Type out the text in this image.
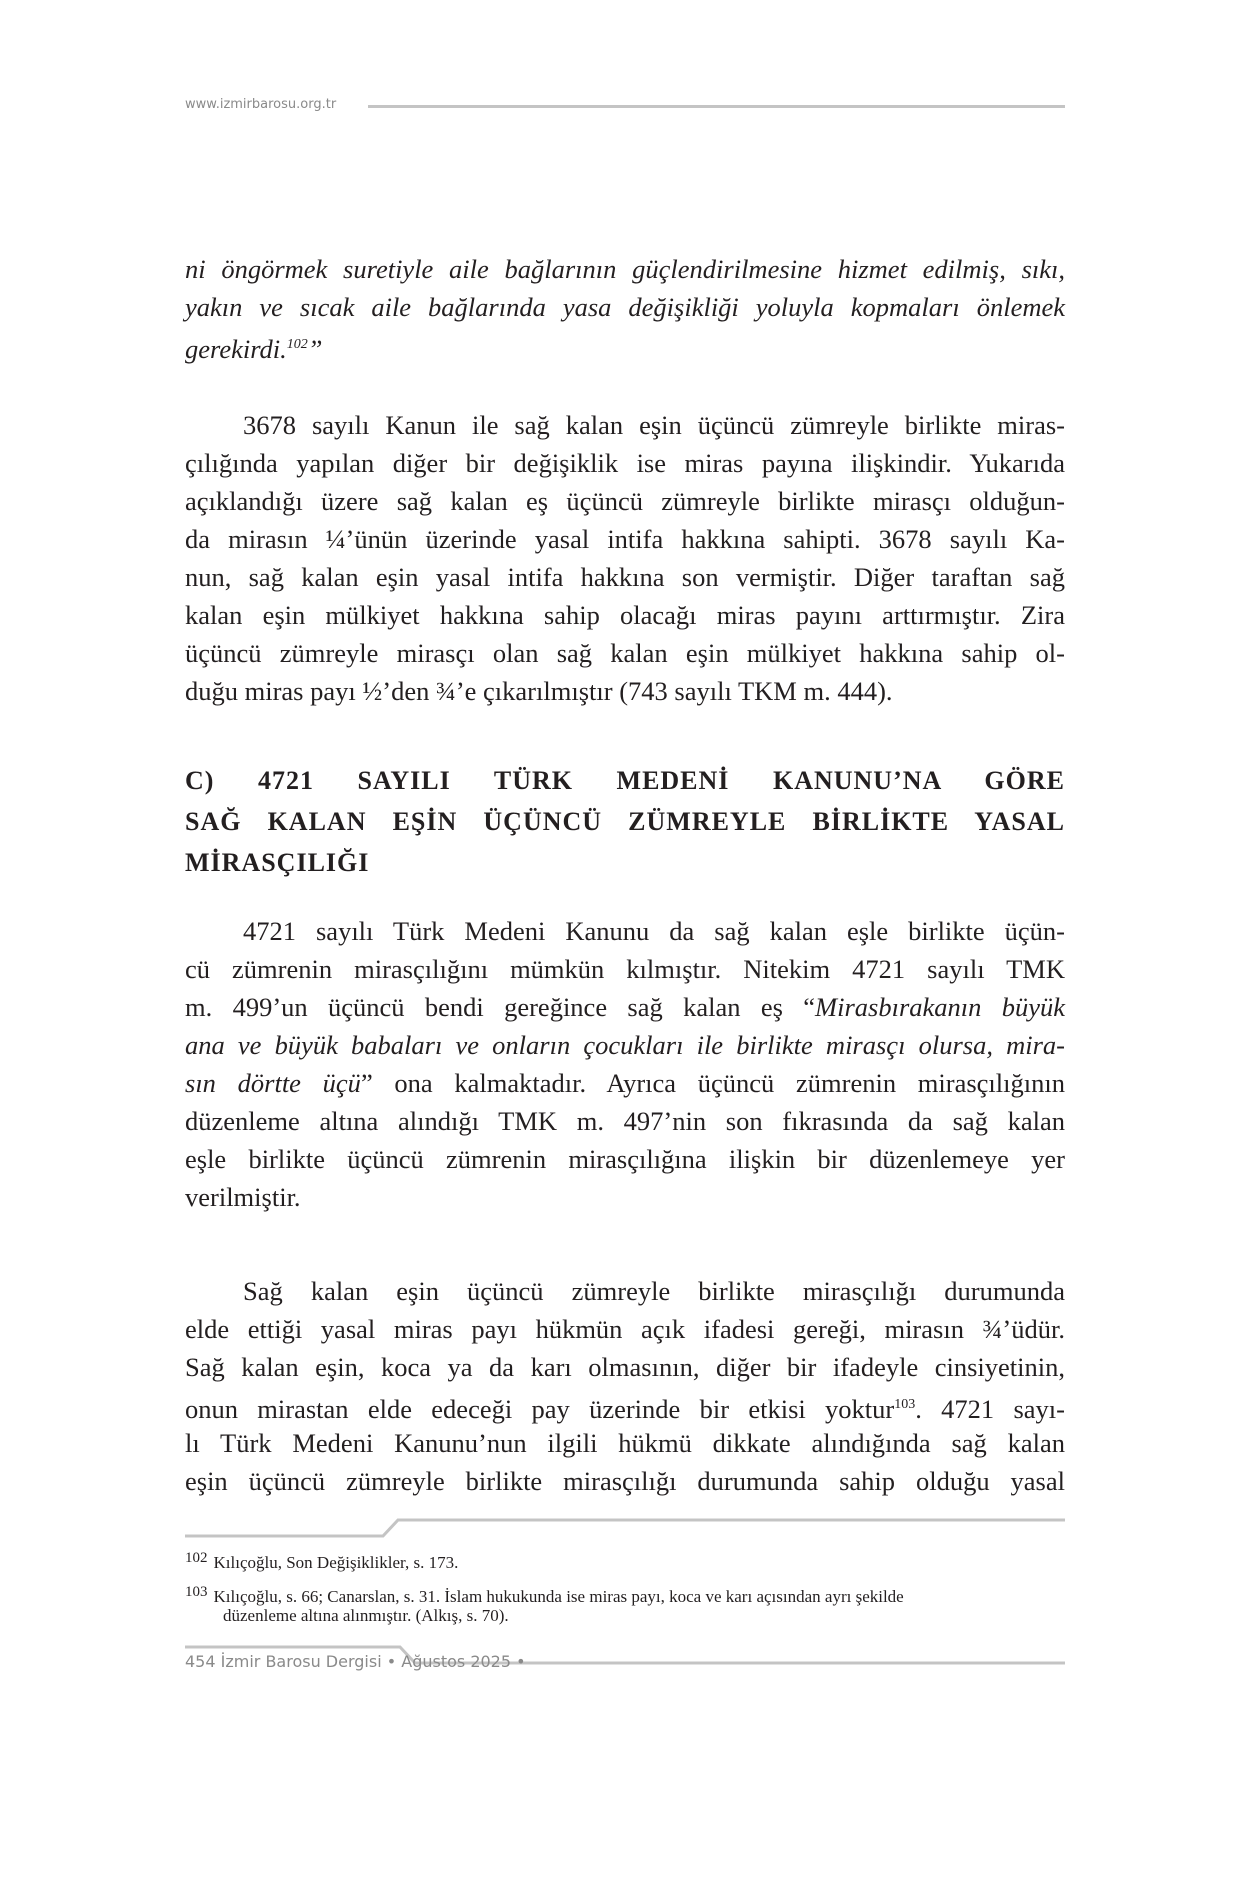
www.izmirbarosu.org.tr
ni öngörmek suretiyle aile bağlarının güçlendirilmesine hizmet edilmiş, sıkı,
yakın ve sıcak aile bağlarında yasa değişikliği yoluyla kopmaları önlemek
gerekirdi.$^{102}$”
3678 sayılı Kanun ile sağ kalan eşin üçüncü zümreyle birlikte miras-
çılığında yapılan diğer bir değişiklik ise miras payına ilişkindir. Yukarıda
açıklandığı üzere sağ kalan eş üçüncü zümreyle birlikte mirasçı olduğun-
da mirasın ¼’ünün üzerinde yasal intifa hakkına sahipti. 3678 sayılı Ka-
nun, sağ kalan eşin yasal intifa hakkına son vermiştir. Diğer taraftan sağ
kalan eşin mülkiyet hakkına sahip olacağı miras payını arttırmıştır. Zira
üçüncü zümreyle mirasçı olan sağ kalan eşin mülkiyet hakkına sahip ol-
duğu miras payı ½’den ¾’e çıkarılmıştır (743 sayılı TKM m. 444).
C) 4721 SAYILI TÜRK MEDENİ KANUNU’NA GÖRE
SAĞ KALAN EŞİN ÜÇÜNCÜ ZÜMREYLE BİRLİKTE YASAL
MİRASÇILIĞI
4721 sayılı Türk Medeni Kanunu da sağ kalan eşle birlikte üçün-
cü zümrenin mirasçılığını mümkün kılmıştır. Nitekim 4721 sayılı TMK
m. 499’un üçüncü bendi gereğince sağ kalan eş “Mirasbırakanın büyük
ana ve büyük babaları ve onların çocukları ile birlikte mirasçı olursa, mira-
sın dörtte üçü” ona kalmaktadır. Ayrıca üçüncü zümrenin mirasçılığının
düzenleme altına alındığı TMK m. 497’nin son fıkrasında da sağ kalan
eşle birlikte üçüncü zümrenin mirasçılığına ilişkin bir düzenlemeye yer
verilmiştir.
Sağ kalan eşin üçüncü zümreyle birlikte mirasçılığı durumunda
elde ettiği yasal miras payı hükmün açık ifadesi gereği, mirasın ¾’üdür.
Sağ kalan eşin, koca ya da karı olmasının, diğer bir ifadeyle cinsiyetinin,
onun mirastan elde edeceği pay üzerinde bir etkisi yoktur$^{103}$. 4721 sayı-
lı Türk Medeni Kanunu’nun ilgili hükmü dikkate alındığında sağ kalan
eşin üçüncü zümreyle birlikte mirasçılığı durumunda sahip olduğu yasal
$^{102}$ Kılıçoğlu, Son Değişiklikler, s. 173.
$^{103}$ Kılıçoğlu, s. 66; Canarslan, s. 31. İslam hukukunda ise miras payı, koca ve karı açısından ayrı şekilde
düzenleme altına alınmıştır. (Alkış, s. 70).
454 İzmir Barosu Dergisi • Ağustos 2025 •
